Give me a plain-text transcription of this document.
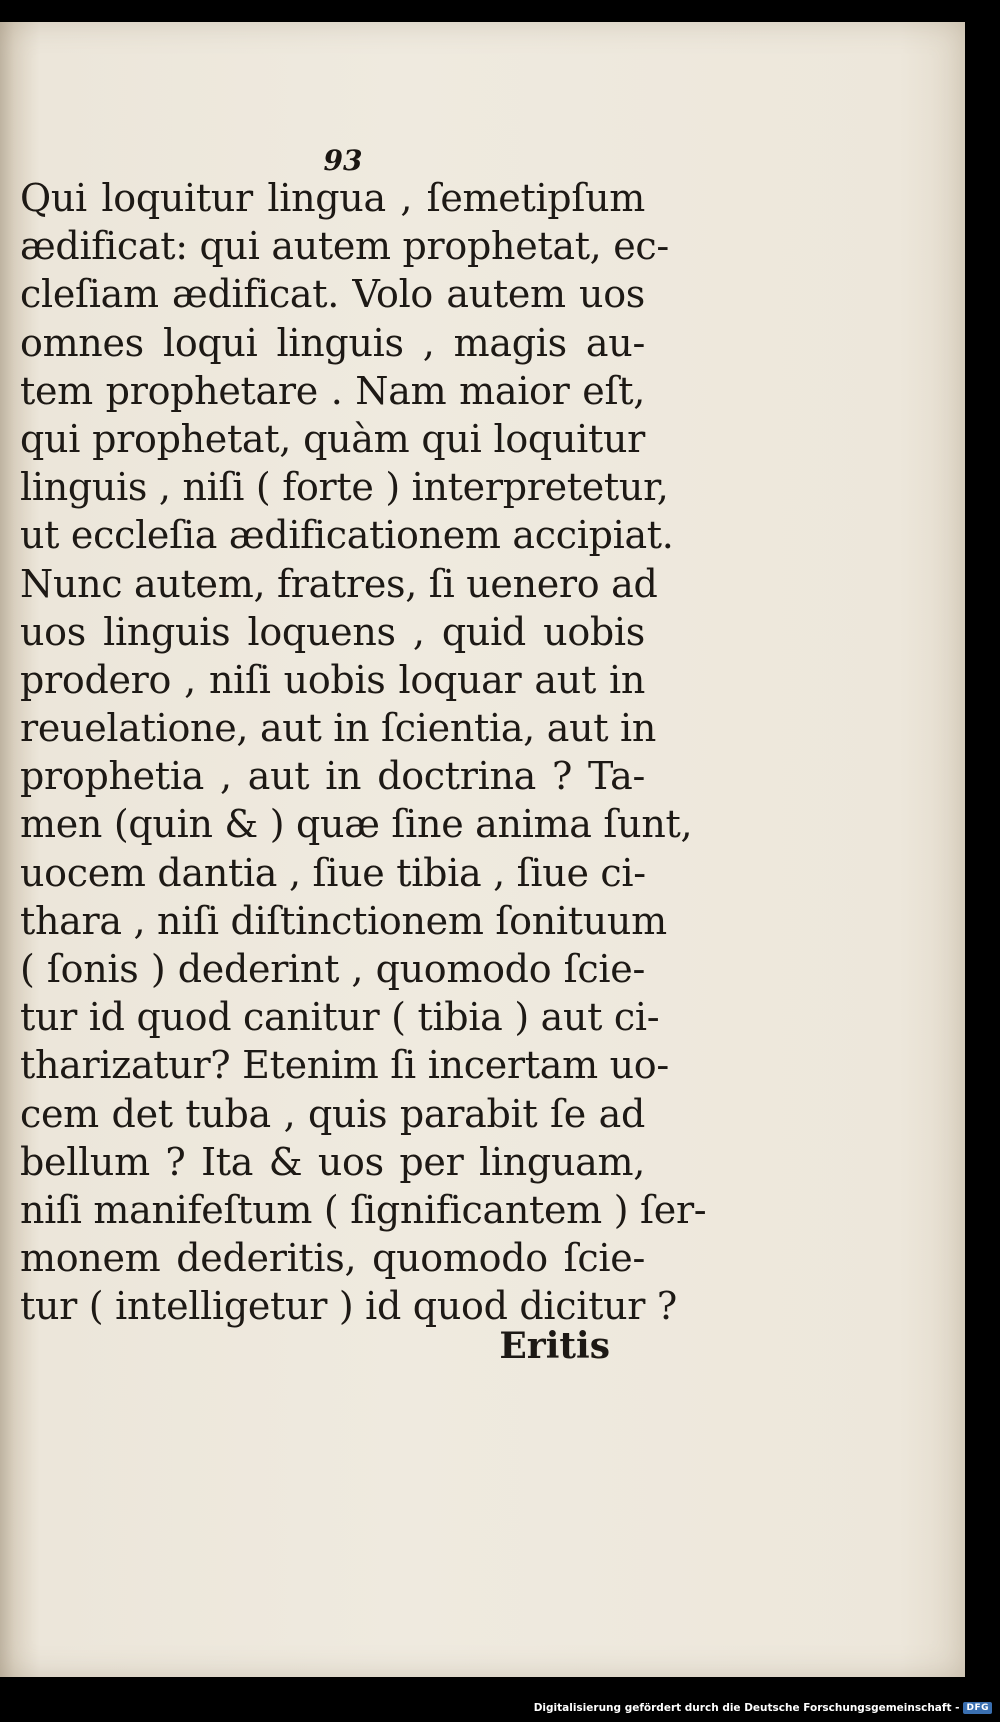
93
Qui loquitur lingua , ſemetipſum
ædificat: qui autem prophetat, ec-
cleſiam ædificat. Volo autem uos
omnes loqui linguis , magis au-
tem prophetare . Nam maior eſt,
qui prophetat, quàm qui loquitur
linguis , niſi ( forte ) interpretetur,
ut eccleſia ædificationem accipiat.
Nunc autem, fratres, ſi uenero ad
uos linguis loquens , quid uobis
prodero , niſi uobis loquar aut in
reuelatione, aut in ſcientia, aut in
prophetia , aut in doctrina ? Ta-
men (quin & ) quæ ſine anima ſunt,
uocem dantia , ſiue tibia , ſiue ci-
thara , niſi diſtinctionem ſonituum
( ſonis ) dederint , quomodo ſcie-
tur id quod canitur ( tibia ) aut ci-
tharizatur? Etenim ſi incertam uo-
cem det tuba , quis parabit ſe ad
bellum ? Ita & uos per linguam,
niſi manifeſtum ( ſignificantem ) ſer-
monem dederitis, quomodo ſcie-
tur ( intelligetur ) id quod dicitur ?
Eritis
Digitalisierung gefördert durch die Deutsche Forschungsgemeinschaft - DFG
